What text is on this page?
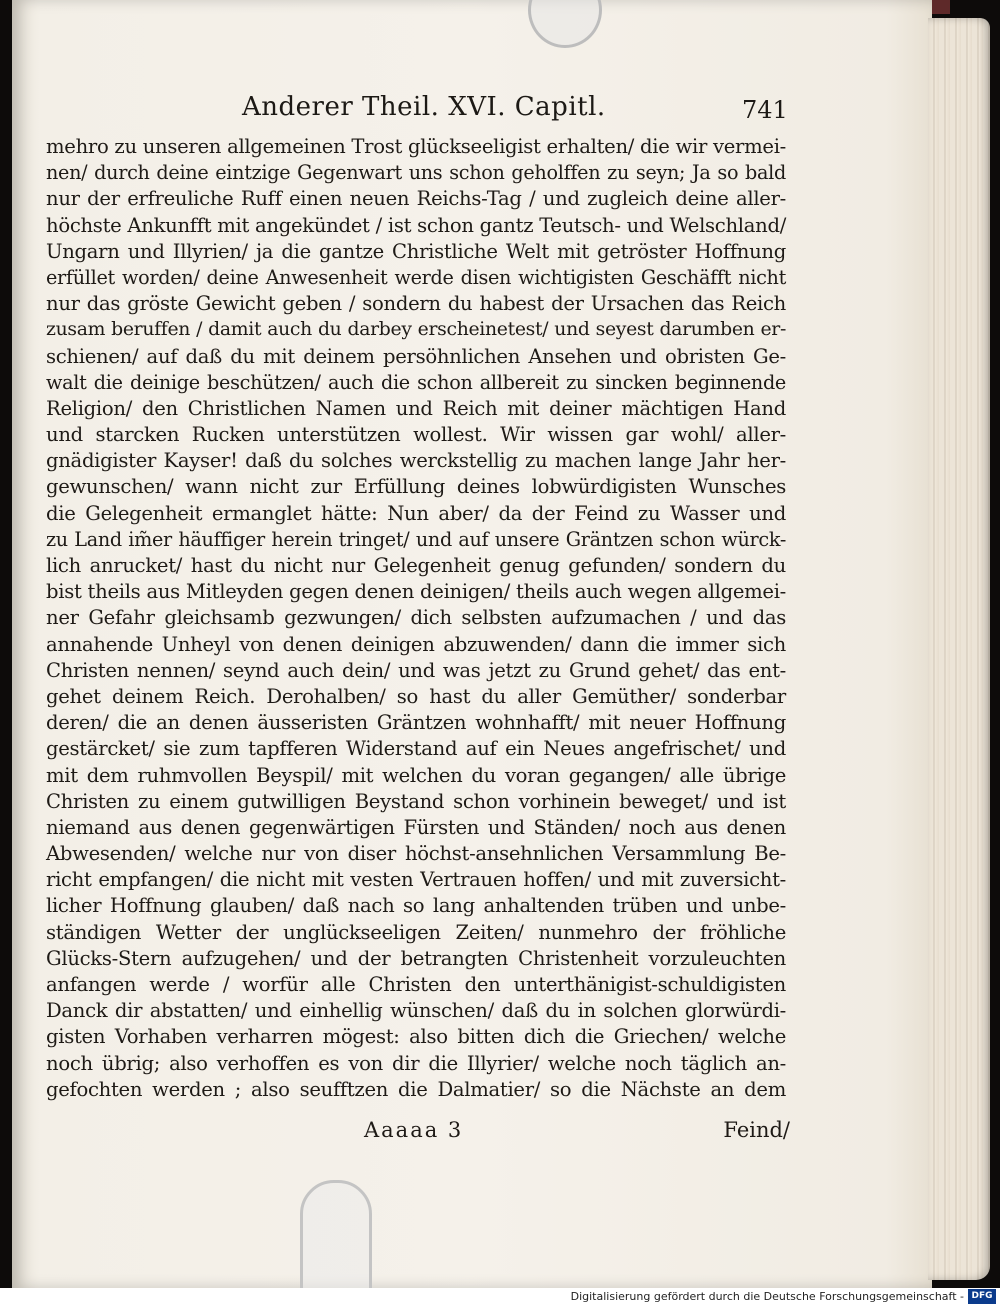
Anderer Theil. XVI. Capitl.	741
mehro zu unseren allgemeinen Trost glückseeligist erhalten/ die wir vermei-
nen/ durch deine eintzige Gegenwart uns schon geholffen zu seyn; Ja so bald
nur der erfreuliche Ruff einen neuen Reichs-Tag / und zugleich deine aller-
höchste Ankunfft mit angekündet / ist schon gantz Teutsch- und Welschland/
Ungarn und Illyrien/ ja die gantze Christliche Welt mit getröster Hoffnung
erfüllet worden/ deine Anwesenheit werde disen wichtigisten Geschäfft nicht
nur das gröste Gewicht geben / sondern du habest der Ursachen das Reich
zusam beruffen / damit auch du darbey erscheinetest/ und seyest darumben er-
schienen/ auf daß du mit deinem persöhnlichen Ansehen und obristen Ge-
walt die deinige beschützen/ auch die schon allbereit zu sincken beginnende
Religion/ den Christlichen Namen und Reich mit deiner mächtigen Hand
und starcken Rucken unterstützen wollest. Wir wissen gar wohl/ aller-
gnädigister Kayser! daß du solches werckstellig zu machen lange Jahr her-
gewunschen/ wann nicht zur Erfüllung deines lobwürdigisten Wunsches
die Gelegenheit ermanglet hätte: Nun aber/ da der Feind zu Wasser und
zu Land im̃er häuffiger herein tringet/ und auf unsere Gräntzen schon würck-
lich anrucket/ hast du nicht nur Gelegenheit genug gefunden/ sondern du
bist theils aus Mitleyden gegen denen deinigen/ theils auch wegen allgemei-
ner Gefahr gleichsamb gezwungen/ dich selbsten aufzumachen / und das
annahende Unheyl von denen deinigen abzuwenden/ dann die immer sich
Christen nennen/ seynd auch dein/ und was jetzt zu Grund gehet/ das ent-
gehet deinem Reich. Derohalben/ so hast du aller Gemüther/ sonderbar
deren/ die an denen äusseristen Gräntzen wohnhafft/ mit neuer Hoffnung
gestärcket/ sie zum tapfferen Widerstand auf ein Neues angefrischet/ und
mit dem ruhmvollen Beyspil/ mit welchen du voran gegangen/ alle übrige
Christen zu einem gutwilligen Beystand schon vorhinein beweget/ und ist
niemand aus denen gegenwärtigen Fürsten und Ständen/ noch aus denen
Abwesenden/ welche nur von diser höchst-ansehnlichen Versammlung Be-
richt empfangen/ die nicht mit vesten Vertrauen hoffen/ und mit zuversicht-
licher Hoffnung glauben/ daß nach so lang anhaltenden trüben und unbe-
ständigen Wetter der unglückseeligen Zeiten/ nunmehro der fröhliche
Glücks-Stern aufzugehen/ und der betrangten Christenheit vorzuleuchten
anfangen werde / worfür alle Christen den unterthänigist-schuldigisten
Danck dir abstatten/ und einhellig wünschen/ daß du in solchen glorwürdi-
gisten Vorhaben verharren mögest: also bitten dich die Griechen/ welche
noch übrig; also verhoffen es von dir die Illyrier/ welche noch täglich an-
gefochten werden ; also seufftzen die Dalmatier/ so die Nächste an dem
Aaaaa 3	Feind/
Digitalisierung gefördert durch die Deutsche Forschungsgemeinschaft - DFG
